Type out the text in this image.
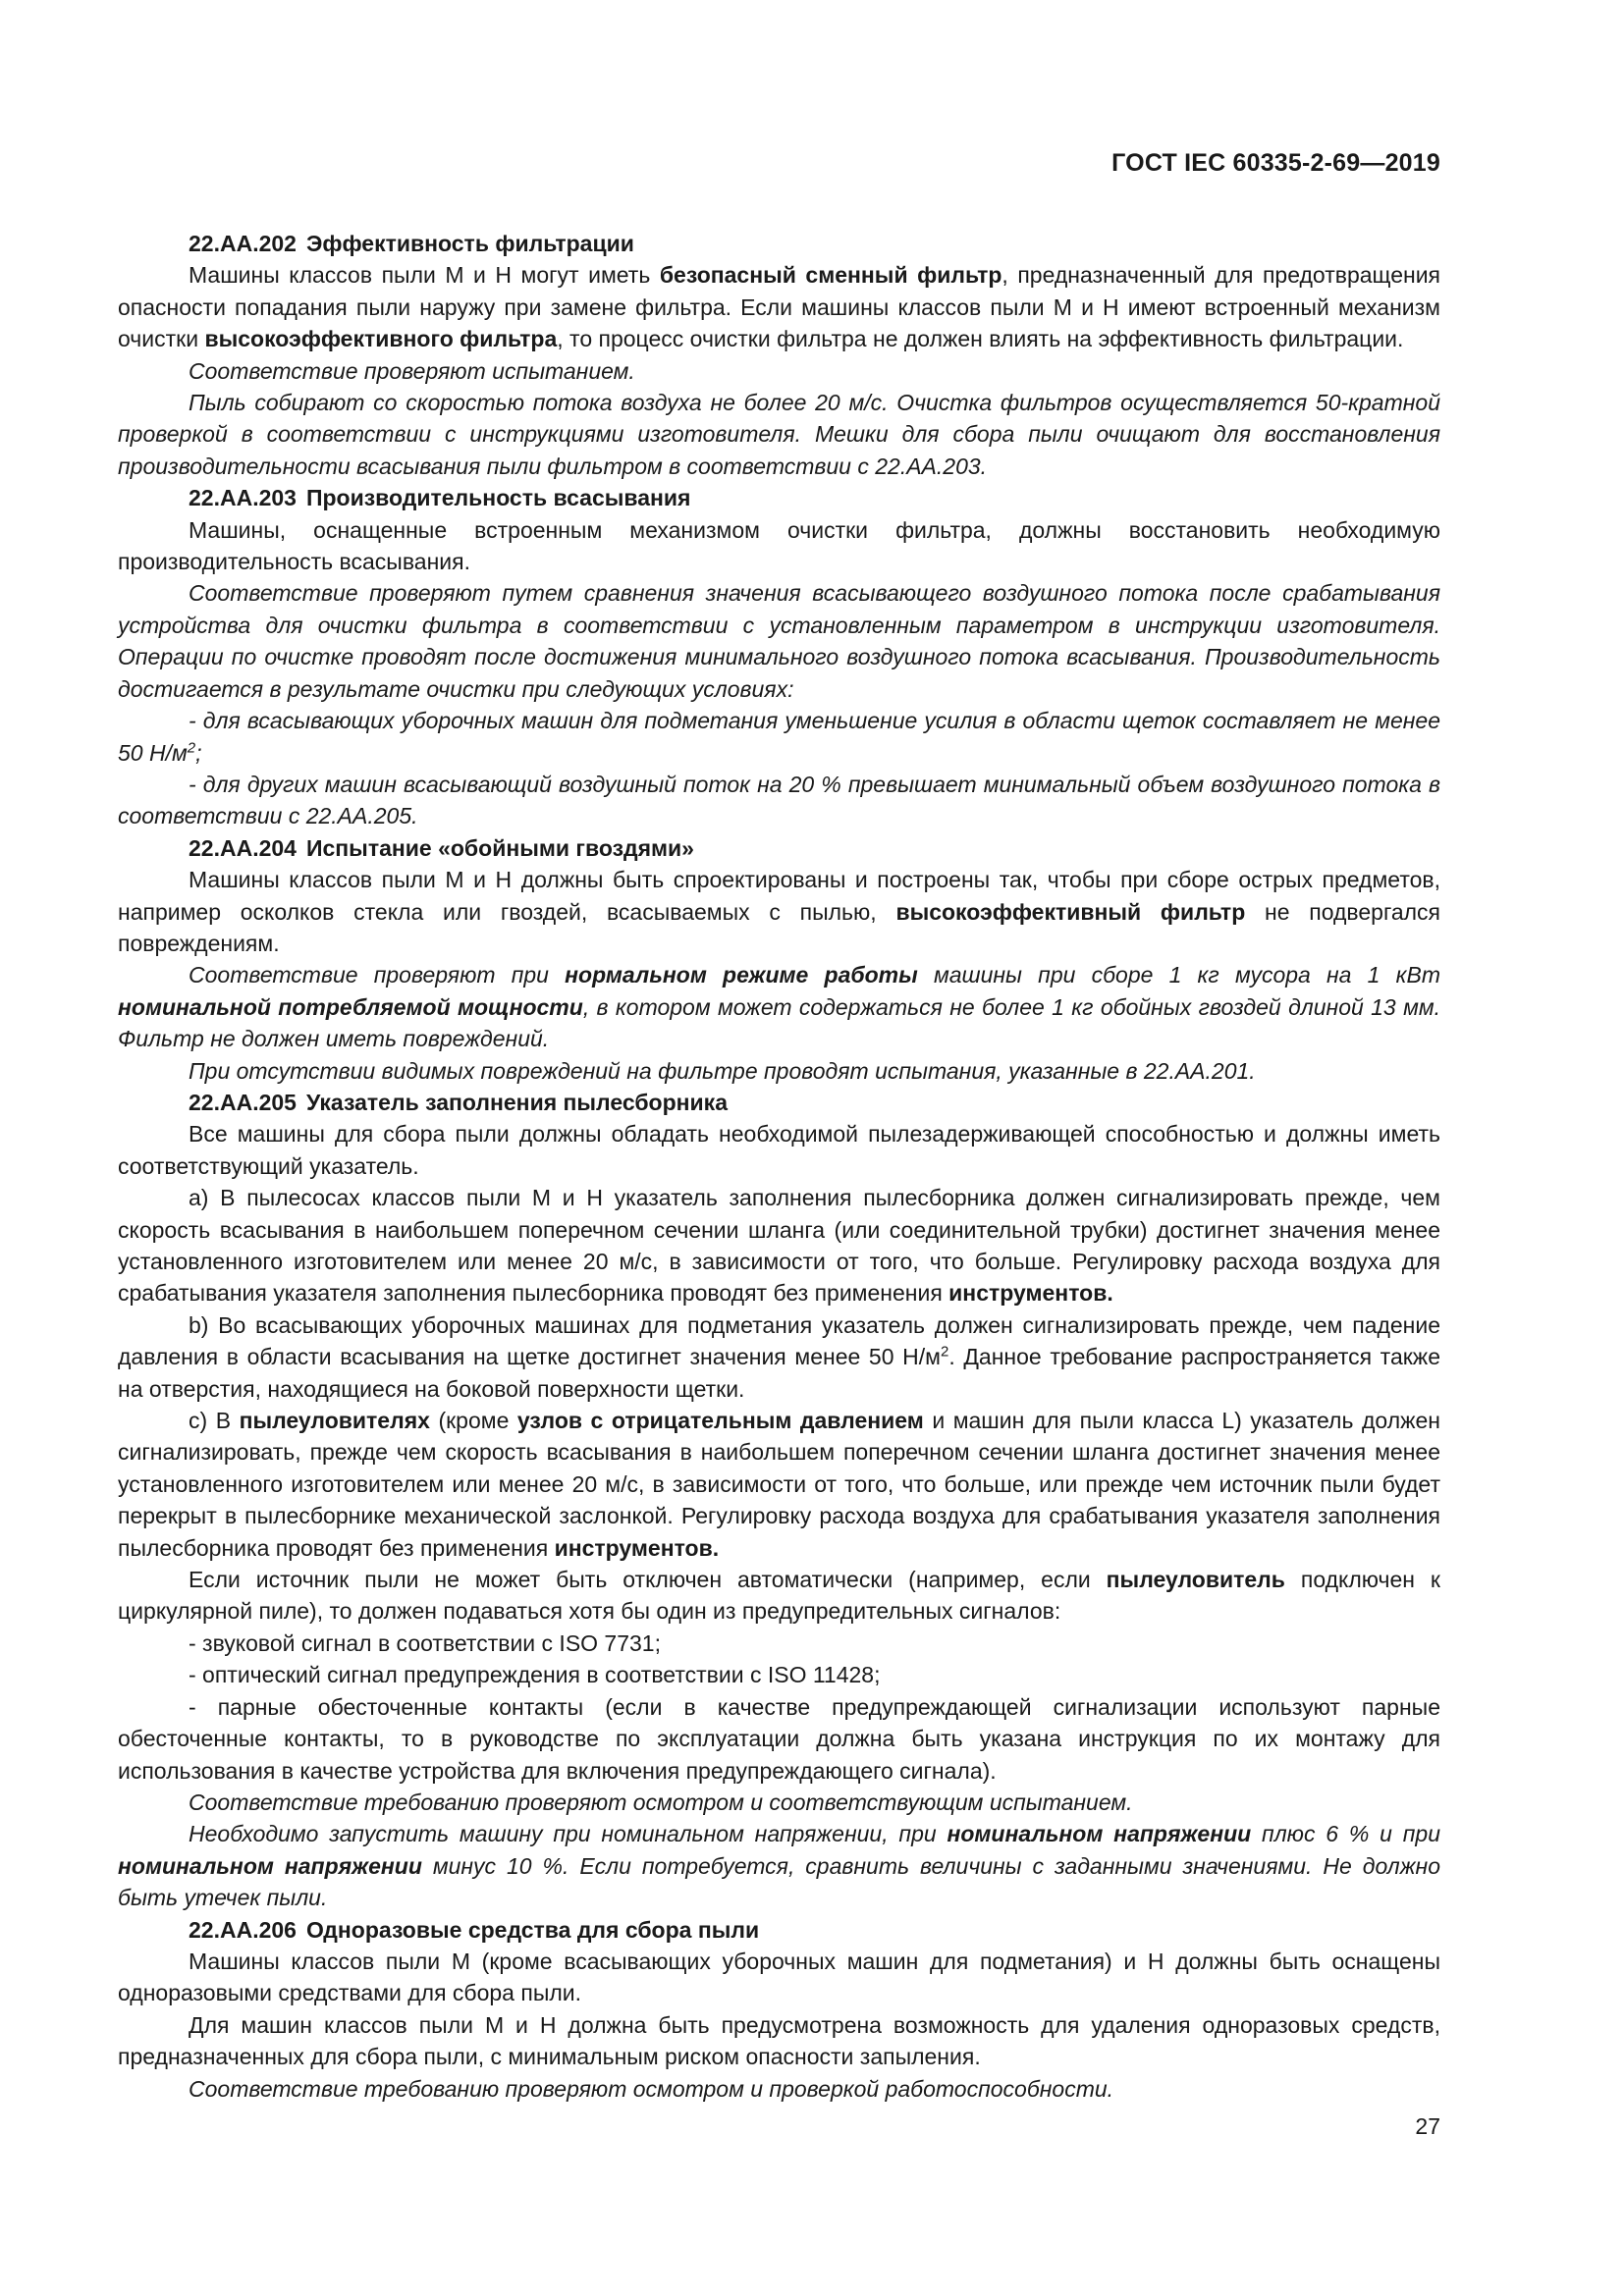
ГОСТ IEC 60335-2-69—2019

22.AA.202 Эффективность фильтрации

Машины классов пыли М и Н могут иметь безопасный сменный фильтр, предназначенный для предотвращения опасности попадания пыли наружу при замене фильтра. Если машины классов пыли М и Н имеют встроенный механизм очистки высокоэффективного фильтра, то процесс очистки фильтра не должен влиять на эффективность фильтрации.

Соответствие проверяют испытанием.

Пыль собирают со скоростью потока воздуха не более 20 м/с. Очистка фильтров осуществляется 50-кратной проверкой в соответствии с инструкциями изготовителя. Мешки для сбора пыли очищают для восстановления производительности всасывания пыли фильтром в соответствии с 22.AA.203.

22.AA.203 Производительность всасывания

Машины, оснащенные встроенным механизмом очистки фильтра, должны восстановить необходимую производительность всасывания.

Соответствие проверяют путем сравнения значения всасывающего воздушного потока после срабатывания устройства для очистки фильтра в соответствии с установленным параметром в инструкции изготовителя. Операции по очистке проводят после достижения минимального воздушного потока всасывания. Производительность достигается в результате очистки при следующих условиях:

- для всасывающих уборочных машин для подметания уменьшение усилия в области щеток составляет не менее 50 $Н/м^2$;

- для других машин всасывающий воздушный поток на 20 % превышает минимальный объем воздушного потока в соответствии с 22.AA.205.

22.AA.204 Испытание «обойными гвоздями»

Машины классов пыли М и Н должны быть спроектированы и построены так, чтобы при сборе острых предметов, например осколков стекла или гвоздей, всасываемых с пылью, высокоэффективный фильтр не подвергался повреждениям.

Соответствие проверяют при нормальном режиме работы машины при сборе 1 кг мусора на 1 кВт номинальной потребляемой мощности, в котором может содержаться не более 1 кг обойных гвоздей длиной 13 мм. Фильтр не должен иметь повреждений.

При отсутствии видимых повреждений на фильтре проводят испытания, указанные в 22.AA.201.

22.AA.205 Указатель заполнения пылесборника

Все машины для сбора пыли должны обладать необходимой пылезадерживающей способностью и должны иметь соответствующий указатель.

a) В пылесосах классов пыли М и Н указатель заполнения пылесборника должен сигнализировать прежде, чем скорость всасывания в наибольшем поперечном сечении шланга (или соединительной трубки) достигнет значения менее установленного изготовителем или менее 20 м/с, в зависимости от того, что больше. Регулировку расхода воздуха для срабатывания указателя заполнения пылесборника проводят без применения инструментов.

b) Во всасывающих уборочных машинах для подметания указатель должен сигнализировать прежде, чем падение давления в области всасывания на щетке достигнет значения менее 50 $Н/м^2$. Данное требование распространяется также на отверстия, находящиеся на боковой поверхности щетки.

c) В пылеуловителях (кроме узлов с отрицательным давлением и машин для пыли класса L) указатель должен сигнализировать, прежде чем скорость всасывания в наибольшем поперечном сечении шланга достигнет значения менее установленного изготовителем или менее 20 м/с, в зависимости от того, что больше, или прежде чем источник пыли будет перекрыт в пылесборнике механической заслонкой. Регулировку расхода воздуха для срабатывания указателя заполнения пылесборника проводят без применения инструментов.

Если источник пыли не может быть отключен автоматически (например, если пылеуловитель подключен к циркулярной пиле), то должен подаваться хотя бы один из предупредительных сигналов:

- звуковой сигнал в соответствии с ISO 7731;

- оптический сигнал предупреждения в соответствии с ISO 11428;

- парные обесточенные контакты (если в качестве предупреждающей сигнализации используют парные обесточенные контакты, то в руководстве по эксплуатации должна быть указана инструкция по их монтажу для использования в качестве устройства для включения предупреждающего сигнала).

Соответствие требованию проверяют осмотром и соответствующим испытанием.

Необходимо запустить машину при номинальном напряжении, при номинальном напряжении плюс 6 % и при номинальном напряжении минус 10 %. Если потребуется, сравнить величины с заданными значениями. Не должно быть утечек пыли.

22.AA.206 Одноразовые средства для сбора пыли

Машины классов пыли М (кроме всасывающих уборочных машин для подметания) и Н должны быть оснащены одноразовыми средствами для сбора пыли.

Для машин классов пыли М и Н должна быть предусмотрена возможность для удаления одноразовых средств, предназначенных для сбора пыли, с минимальным риском опасности запыления.

Соответствие требованию проверяют осмотром и проверкой работоспособности.

27
